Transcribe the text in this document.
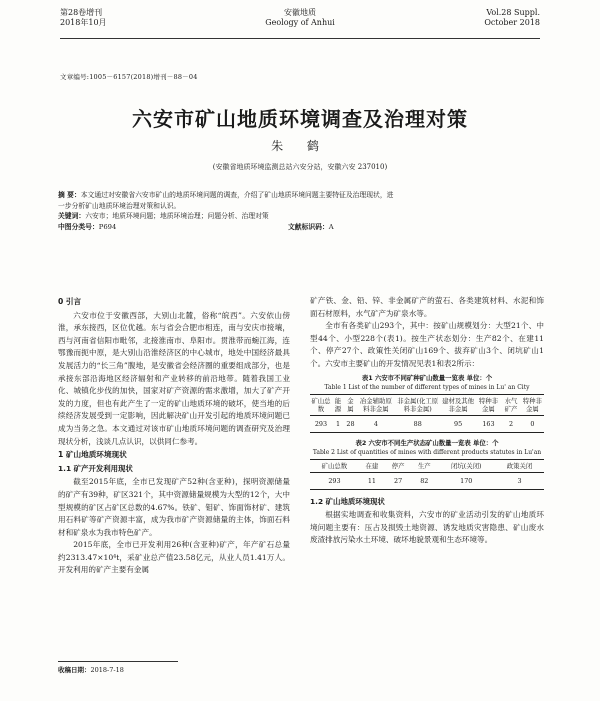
第28卷增刊
2018年10月
安徽地质
Geology of Anhui
Vol.28 Suppl.
October 2018
文章编号:1005－6157(2018)增刊－88－04
六安市矿山地质环境调查及治理对策
朱 鹤
(安徽省地质环境监测总站六安分站，安徽六安 237010)
摘 要：本文通过对安徽省六安市矿山的地质环境问题的调查，介绍了矿山地质环境问题主要特征及治理现状，进
一步分析矿山地质环境治理对策和认识。
关键词：六安市；地质环境问题；地质环境治理；问题分析、治理对策
中图分类号：P694	文献标识码：A
0 引言

六安市位于安徽西部，大别山北麓，俗称“皖西”。六安依山傍淮，承东接西，区位优越。东与省会合肥市相连，南与安庆市接壤，西与河南省信阳市毗邻，北接淮南市、阜阳市。贯淮带而蜿江海，连鄂豫而扼中原，是大别山沿淮经济区的中心城市，地处中国经济最具发展活力的“长三角”腹地，是安徽省会经济圈的重要组成部分，也是承接东部沿海地区经济辐射和产业转移的前沿地带。随着我国工业化、城镇化步伐的加快，国家对矿产资源的需求激增，加大了矿产开发的力度，但也有此产生了一定的矿山地质环境的破坏，使当地的后续经济发展受到一定影响，因此解决矿山开发引起的地质环境问题已成为当务之急。本文通过对该市矿山地质环境问题的调查研究及治理现状分析，浅谈几点认识，以供同仁参考。

1 矿山地质环境现状
1.1 矿产开发利用现状

截至2015年底，全市已发现矿产52种(含亚种)，探明资源储量的矿产有39种，矿区321个，其中资源储量规模为大型的12个，大中型规模的矿区占矿区总数的4.67%。铁矿、钼矿、饰面饰材矿、建筑用石料矿等矿产资源丰富，成为我市矿产资源储量的主体，饰面石料材和矿泉水为我市特色矿产。

2015年底，全市已开发利用26种(含亚种)矿产，年产矿石总量约2313.47×10⁴t，采矿业总产值23.58亿元，从业人员1.41万人。开发利用的矿产主要有金属

矿产铁、金、铅、锌、非金属矿产的萤石、各类建筑材料、水泥和饰面石材原料，水气矿产为矿泉水等。

全市有各类矿山293个，其中：按矿山规模划分：大型21个、中型44个、小型228个(表1)。按生产状态划分：生产82个、在建11个、停产27个、政策性关闭矿山169个、拔弃矿山3个、闭坑矿山1个。六安市主要矿山的开发情况见表1和表2所示：

表1 六安市不同矿种矿山数量一览表 单位：个
Table 1 List of the number of different types of mines in Lu' an City
矿山总数	能源	金属	冶金辅助原料非金属	非金属(化工原料非金属)	建材及其他非金属	特种非金属	水气矿产	特种非金属
293	1	28	4	88	95	163	2	0
表2 六安市不同生产状态矿山数量一览表 单位：个
Table 2 List of quantities of mines with different products statutes in Lu'an
矿山总数	在建	停产	生产	闭坑(关闭)	政策关闭
293	11	27	82	170	3
1.2 矿山地质环境现状

根据实地调查和收集资料，六安市的矿业活动引发的矿山地质环境问题主要有：压占及损毁土地资源、诱发地质灾害隐患、矿山废水废渣排放污染水土环境、破坏地貌景观和生态环境等。

收稿日期：2018-7-18
